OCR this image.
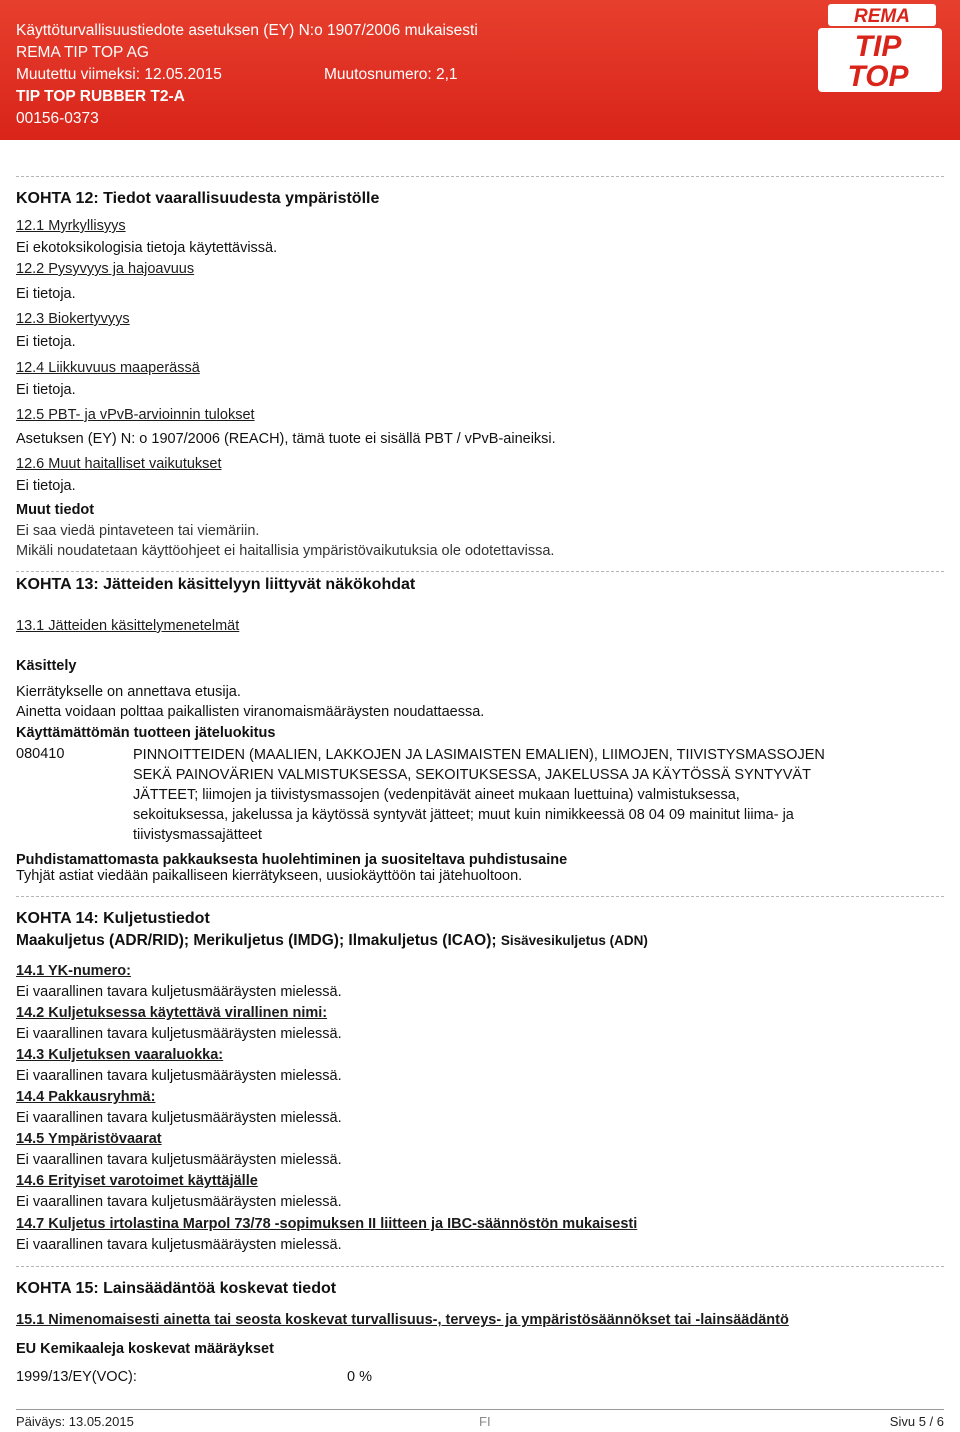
Käyttöturvallisuustiedote asetuksen (EY) N:o 1907/2006 mukaisesti
REMA TIP TOP AG
Muutettu viimeksi: 12.05.2015	Muutosnumero: 2,1
TIP TOP RUBBER T2-A
00156-0373
REMA
TIP
TOP
KOHTA 12: Tiedot vaarallisuudesta ympäristölle
12.1 Myrkyllisyys
Ei ekotoksikologisia tietoja käytettävissä.
12.2 Pysyvyys ja hajoavuus
Ei tietoja.
12.3 Biokertyvyys
Ei tietoja.
12.4 Liikkuvuus maaperässä
Ei tietoja.
12.5 PBT- ja vPvB-arvioinnin tulokset
Asetuksen (EY) N: o 1907/2006 (REACH), tämä tuote ei sisällä PBT / vPvB-aineiksi.
12.6 Muut haitalliset vaikutukset
Ei tietoja.
Muut tiedot
Ei saa viedä pintaveteen tai viemäriin.
Mikäli noudatetaan käyttöohjeet ei haitallisia ympäristövaikutuksia ole odotettavissa.
KOHTA 13: Jätteiden käsittelyyn liittyvät näkökohdat
13.1 Jätteiden käsittelymenetelmät
Käsittely
Kierrätykselle on annettava etusija.
Ainetta voidaan polttaa paikallisten viranomaismääräysten noudattaessa.
Käyttämättömän tuotteen jäteluokitus
080410	PINNOITTEIDEN (MAALIEN, LAKKOJEN JA LASIMAISTEN EMALIEN), LIIMOJEN, TIIVISTYSMASSOJEN
SEKÄ PAINOVÄRIEN VALMISTUKSESSA, SEKOITUKSESSA, JAKELUSSA JA KÄYTÖSSÄ SYNTYVÄT
JÄTTEET; liimojen ja tiivistysmassojen (vedenpitävät aineet mukaan luettuina) valmistuksessa,
sekoituksessa, jakelussa ja käytössä syntyvät jätteet; muut kuin nimikkeessä 08 04 09 mainitut liima- ja
tiivistysmassajätteet
Puhdistamattomasta pakkauksesta huolehtiminen ja suositeltava puhdistusaine
Tyhjät astiat viedään paikalliseen kierrätykseen, uusiokäyttöön tai jätehuoltoon.
KOHTA 14: Kuljetustiedot
Maakuljetus (ADR/RID); Merikuljetus (IMDG); Ilmakuljetus (ICAO); Sisävesikuljetus (ADN)
14.1 YK-numero:
Ei vaarallinen tavara kuljetusmääräysten mielessä.
14.2 Kuljetuksessa käytettävä virallinen nimi:
Ei vaarallinen tavara kuljetusmääräysten mielessä.
14.3 Kuljetuksen vaaraluokka:
Ei vaarallinen tavara kuljetusmääräysten mielessä.
14.4 Pakkausryhmä:
Ei vaarallinen tavara kuljetusmääräysten mielessä.
14.5 Ympäristövaarat
Ei vaarallinen tavara kuljetusmääräysten mielessä.
14.6 Erityiset varotoimet käyttäjälle
Ei vaarallinen tavara kuljetusmääräysten mielessä.
14.7 Kuljetus irtolastina Marpol 73/78 -sopimuksen II liitteen ja IBC-säännöstön mukaisesti
Ei vaarallinen tavara kuljetusmääräysten mielessä.
KOHTA 15: Lainsäädäntöä koskevat tiedot
15.1 Nimenomaisesti ainetta tai seosta koskevat turvallisuus-, terveys- ja ympäristösäännökset tai -lainsäädäntö
EU Kemikaaleja koskevat määräykset
1999/13/EY(VOC):	0 %
Päiväys: 13.05.2015	FI	Sivu 5 / 6
